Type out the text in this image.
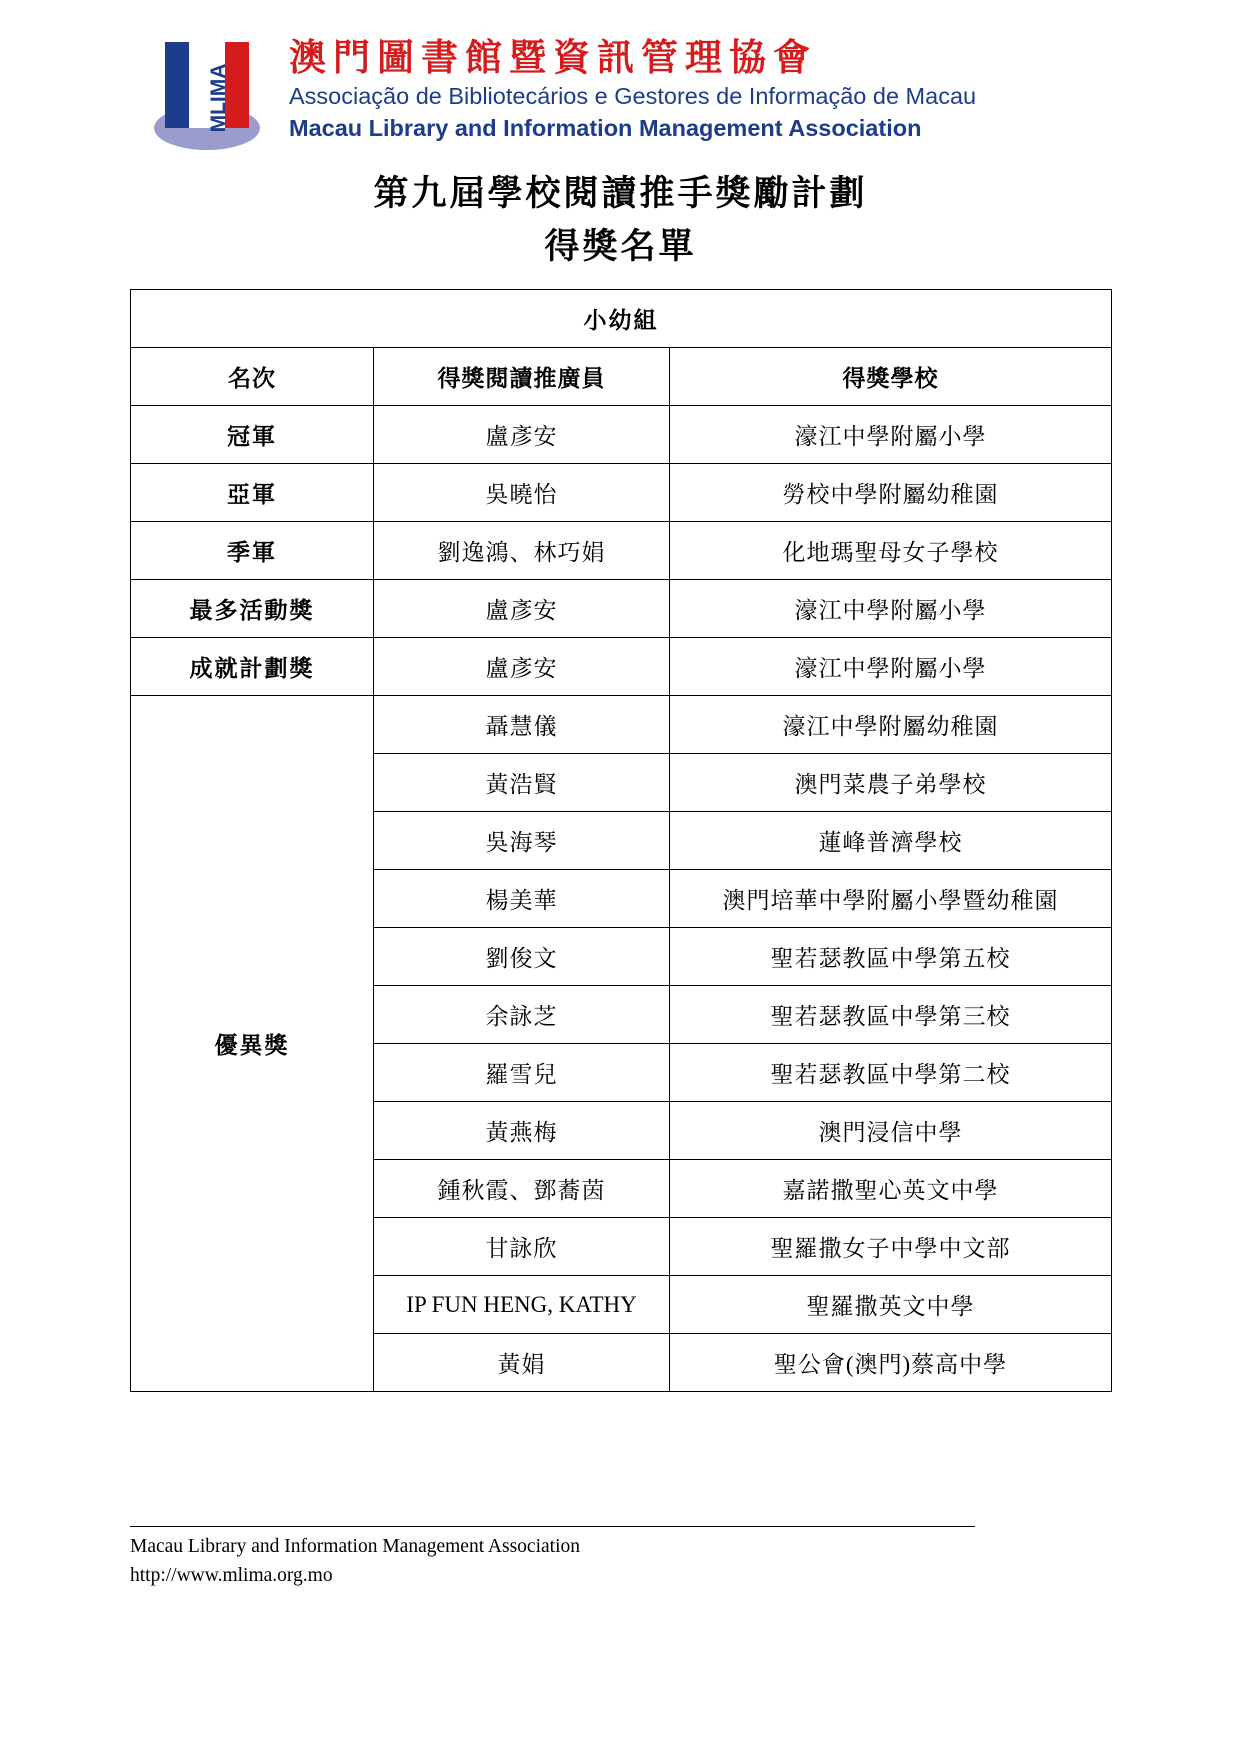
MLIMA
澳門圖書館暨資訊管理協會
Associação de Bibliotecários e Gestores de Informação de Macau
Macau Library and Information Management Association
第九屆學校閱讀推手獎勵計劃
得獎名單
小幼組		
名次	得獎閱讀推廣員	得獎學校
冠軍	盧彥安	濠江中學附屬小學
亞軍	吳曉怡	勞校中學附屬幼稚園
季軍	劉逸鴻、林巧娟	化地瑪聖母女子學校
最多活動獎	盧彥安	濠江中學附屬小學
成就計劃獎	盧彥安	濠江中學附屬小學
優異獎	聶慧儀	濠江中學附屬幼稚園
	黃浩賢	澳門菜農子弟學校
	吳海琴	蓮峰普濟學校
	楊美華	澳門培華中學附屬小學暨幼稚園
	劉俊文	聖若瑟教區中學第五校
	余詠芝	聖若瑟教區中學第三校
	羅雪兒	聖若瑟教區中學第二校
	黃燕梅	澳門浸信中學
	鍾秋霞、鄧蕎茵	嘉諾撒聖心英文中學
	甘詠欣	聖羅撒女子中學中文部
	IP FUN HENG, KATHY	聖羅撒英文中學
	黃娟	聖公會(澳門)蔡高中學
Macau Library and Information Management Association
http://www.mlima.org.mo
